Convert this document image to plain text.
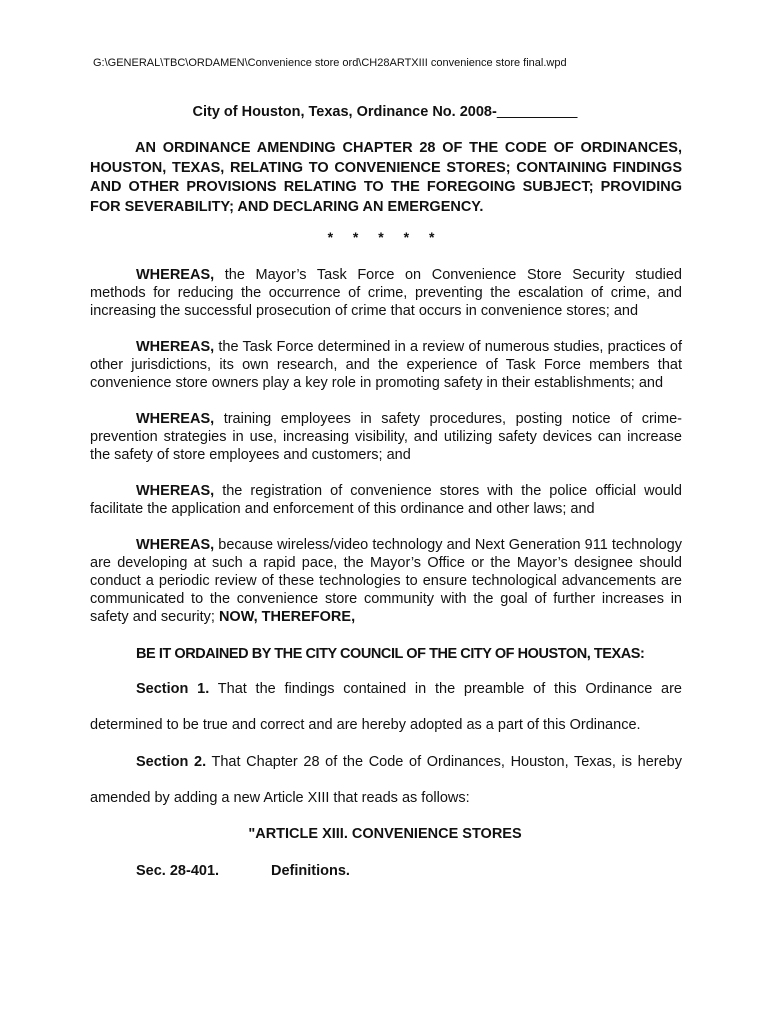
G:\GENERAL\TBC\ORDAMEN\Convenience store ord\CH28ARTXIII convenience store final.wpd
City of Houston, Texas, Ordinance No. 2008-__________
AN ORDINANCE AMENDING CHAPTER 28 OF THE CODE OF ORDINANCES, HOUSTON, TEXAS, RELATING TO CONVENIENCE STORES; CONTAINING FINDINGS AND OTHER PROVISIONS RELATING TO THE FOREGOING SUBJECT; PROVIDING FOR SEVERABILITY; AND DECLARING AN EMERGENCY.
* * * * *
WHEREAS, the Mayor’s Task Force on Convenience Store Security studied methods for reducing the occurrence of crime, preventing the escalation of crime, and increasing the successful prosecution of crime that occurs in convenience stores; and
WHEREAS, the Task Force determined in a review of numerous studies, practices of other jurisdictions, its own research, and the experience of Task Force members that convenience store owners play a key role in promoting safety in their establishments; and
WHEREAS, training employees in safety procedures, posting notice of crime-prevention strategies in use, increasing visibility, and utilizing safety devices can increase the safety of store employees and customers; and
WHEREAS, the registration of convenience stores with the police official would facilitate the application and enforcement of this ordinance and other laws; and
WHEREAS, because wireless/video technology and Next Generation 911 technology are developing at such a rapid pace, the Mayor’s Office or the Mayor’s designee should conduct a periodic review of these technologies to ensure technological advancements are communicated to the convenience store community with the goal of further increases in safety and security; NOW, THEREFORE,
BE IT ORDAINED BY THE CITY COUNCIL OF THE CITY OF HOUSTON, TEXAS:
Section 1. That the findings contained in the preamble of this Ordinance are
determined to be true and correct and are hereby adopted as a part of this Ordinance.
Section 2. That Chapter 28 of the Code of Ordinances, Houston, Texas, is hereby
amended by adding a new Article XIII that reads as follows:
"ARTICLE XIII. CONVENIENCE STORES
Sec. 28-401.	Definitions.
